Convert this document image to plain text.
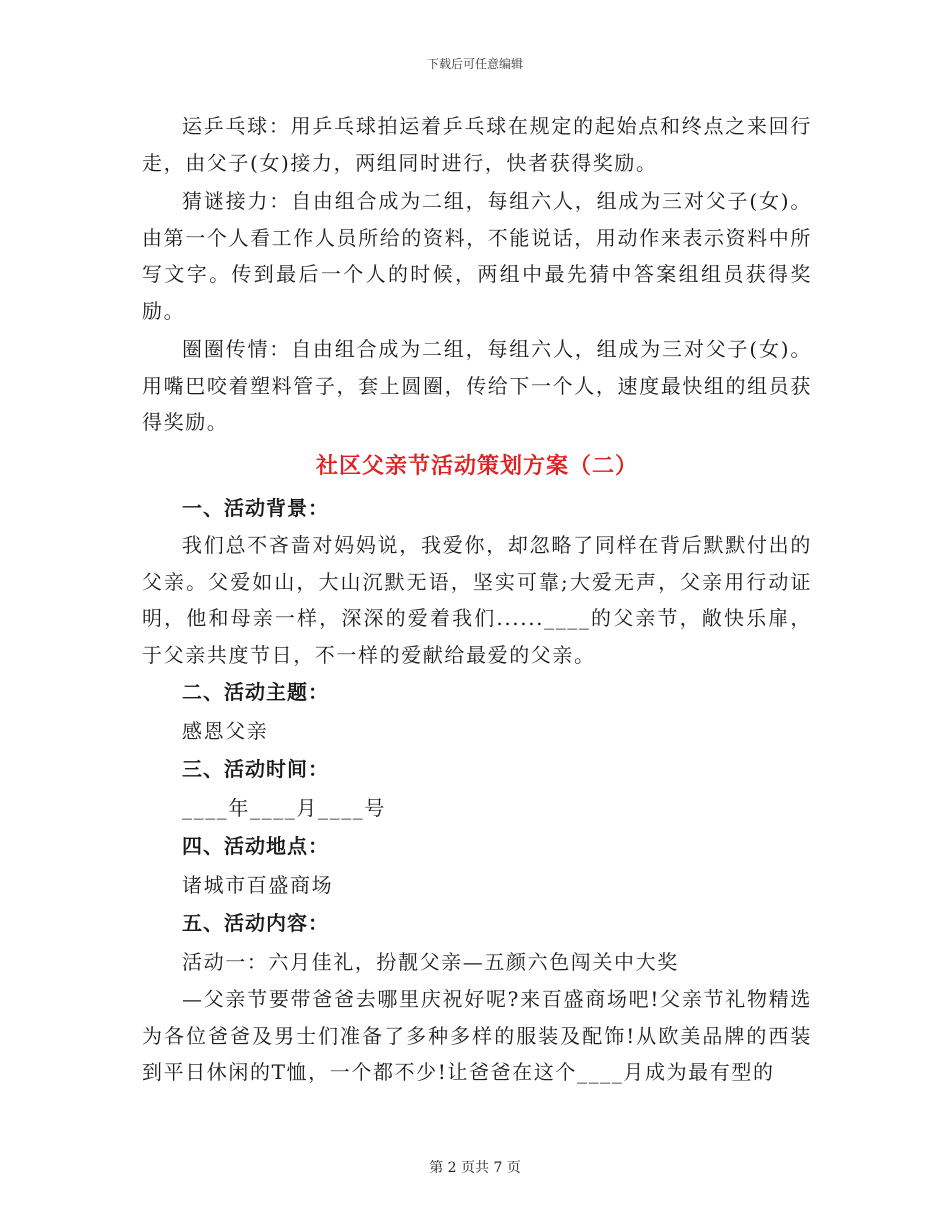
下载后可任意编辑

运乒乓球：用乒乓球拍运着乒乓球在规定的起始点和终点之来回行走，由父子(女)接力，两组同时进行，快者获得奖励。

猜谜接力：自由组合成为二组，每组六人，组成为三对父子(女)。由第一个人看工作人员所给的资料，不能说话，用动作来表示资料中所写文字。传到最后一个人的时候，两组中最先猜中答案组组员获得奖励。

圈圈传情：自由组合成为二组，每组六人，组成为三对父子(女)。用嘴巴咬着塑料管子，套上圆圈，传给下一个人，速度最快组的组员获得奖励。

社区父亲节活动策划方案（二）

一、活动背景：

我们总不吝啬对妈妈说，我爱你，却忽略了同样在背后默默付出的父亲。父爱如山，大山沉默无语，坚实可靠;大爱无声，父亲用行动证明，他和母亲一样，深深的爱着我们......____的父亲节，敞快乐扉，于父亲共度节日，不一样的爱献给最爱的父亲。

二、活动主题：

感恩父亲

三、活动时间：

____年____月____号

四、活动地点：

诸城市百盛商场

五、活动内容：

活动一：六月佳礼，扮靓父亲—五颜六色闯关中大奖

—父亲节要带爸爸去哪里庆祝好呢?来百盛商场吧!父亲节礼物精选为各位爸爸及男士们准备了多种多样的服装及配饰!从欧美品牌的西装到平日休闲的T恤，一个都不少!让爸爸在这个____月成为最有型的

第 2 页共 7 页
